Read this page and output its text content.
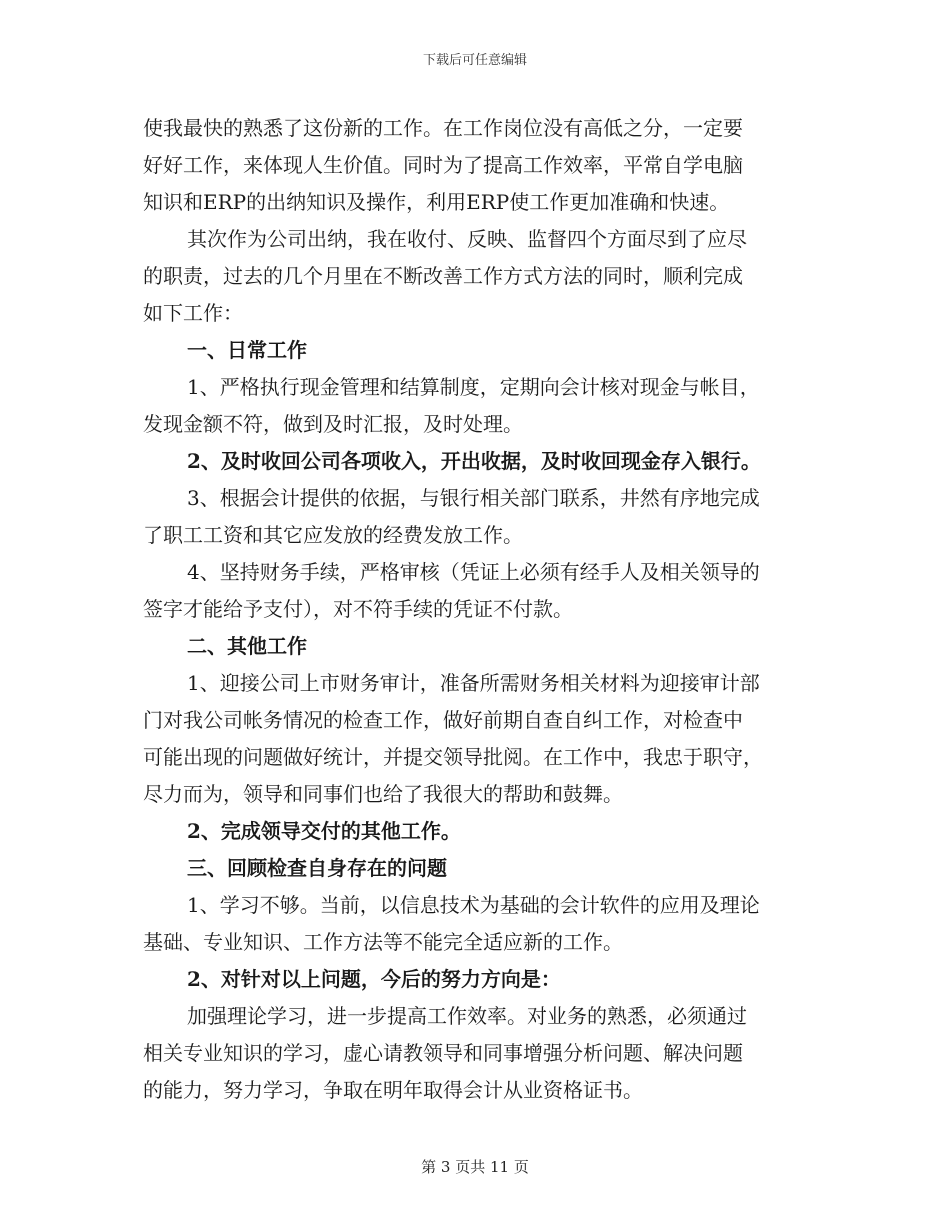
下载后可任意编辑
使我最快的熟悉了这份新的工作。在工作岗位没有高低之分，一定要
好好工作，来体现人生价值。同时为了提高工作效率，平常自学电脑
知识和ERP的出纳知识及操作，利用ERP使工作更加准确和快速。
其次作为公司出纳，我在收付、反映、监督四个方面尽到了应尽
的职责，过去的几个月里在不断改善工作方式方法的同时，顺利完成
如下工作：
一、日常工作
1、严格执行现金管理和结算制度，定期向会计核对现金与帐目，
发现金额不符，做到及时汇报，及时处理。
2、及时收回公司各项收入，开出收据，及时收回现金存入银行。
3、根据会计提供的依据，与银行相关部门联系，井然有序地完成
了职工工资和其它应发放的经费发放工作。
4、坚持财务手续，严格审核（凭证上必须有经手人及相关领导的
签字才能给予支付），对不符手续的凭证不付款。
二、其他工作
1、迎接公司上市财务审计，准备所需财务相关材料为迎接审计部
门对我公司帐务情况的检查工作，做好前期自查自纠工作，对检查中
可能出现的问题做好统计，并提交领导批阅。在工作中，我忠于职守，
尽力而为，领导和同事们也给了我很大的帮助和鼓舞。
2、完成领导交付的其他工作。
三、回顾检查自身存在的问题
1、学习不够。当前，以信息技术为基础的会计软件的应用及理论
基础、专业知识、工作方法等不能完全适应新的工作。
2、对针对以上问题，今后的努力方向是：
加强理论学习，进一步提高工作效率。对业务的熟悉，必须通过
相关专业知识的学习，虚心请教领导和同事增强分析问题、解决问题
的能力，努力学习，争取在明年取得会计从业资格证书。
第 3 页共 11 页
